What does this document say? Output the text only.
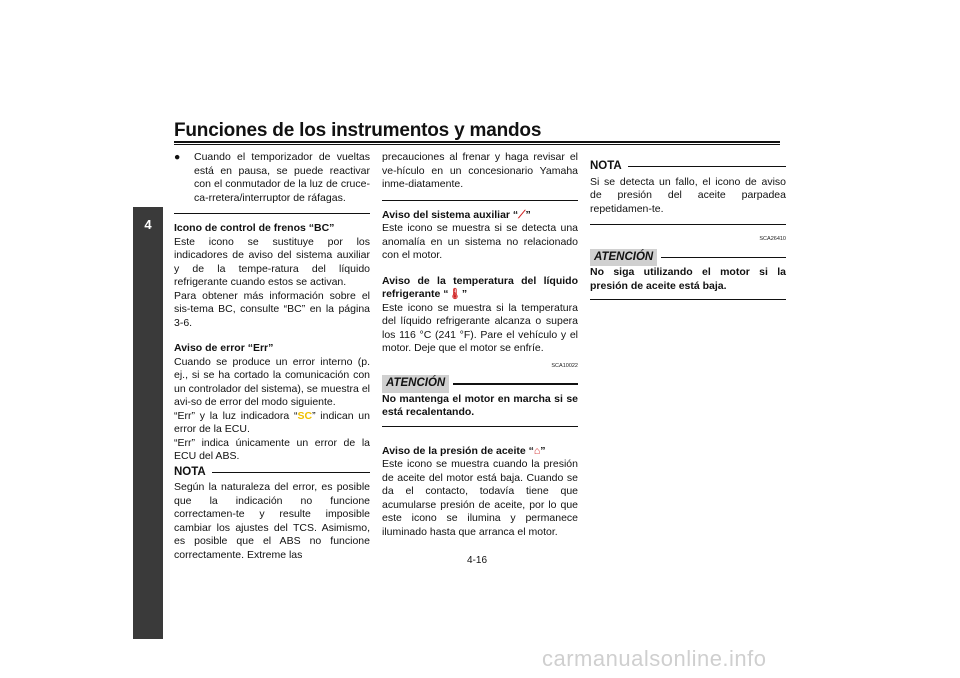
Funciones de los instrumentos y mandos
4
●	Cuando el temporizador de vueltas está en pausa, se puede reactivar con el conmutador de la luz de cruce-ca-rretera/interruptor de ráfagas.

Icono de control de frenos “BC”

Este icono se sustituye por los indicadores de aviso del sistema auxiliar y de la tempe-ratura del líquido refrigerante cuando estos se activan.

Para obtener más información sobre el sis-tema BC, consulte “BC” en la página 3-6.

Aviso de error “Err”

Cuando se produce un error interno (p. ej., si se ha cortado la comunicación con un controlador del sistema), se muestra el avi-so de error del modo siguiente.

“Err” y la luz indicadora “SC” indican un error de la ECU.

“Err” indica únicamente un error de la ECU del ABS.

NOTA

Según la naturaleza del error, es posible que la indicación no funcione correctamen-te y resulte imposible cambiar los ajustes del TCS. Asimismo, es posible que el ABS no funcione correctamente. Extreme las

precauciones al frenar y haga revisar el ve-hículo en un concesionario Yamaha inme-diatamente.

Aviso del sistema auxiliar “⟋”

Este icono se muestra si se detecta una anomalía en un sistema no relacionado con el motor.

Aviso de la temperatura del líquido refrigerante “🌡”

Este icono se muestra si la temperatura del líquido refrigerante alcanza o supera los 116 °C (241 °F). Pare el vehículo y el motor. Deje que el motor se enfríe.

SCA10022
ATENCIÓN

No mantenga el motor en marcha si se está recalentando.

Aviso de la presión de aceite “⌂”

Este icono se muestra cuando la presión de aceite del motor está baja. Cuando se da el contacto, todavía tiene que acumularse presión de aceite, por lo que este icono se ilumina y permanece iluminado hasta que arranca el motor.

NOTA

Si se detecta un fallo, el icono de aviso de presión del aceite parpadea repetidamen-te.

SCA26410
ATENCIÓN

No siga utilizando el motor si la presión de aceite está baja.

4-16
carmanualsonline.info
